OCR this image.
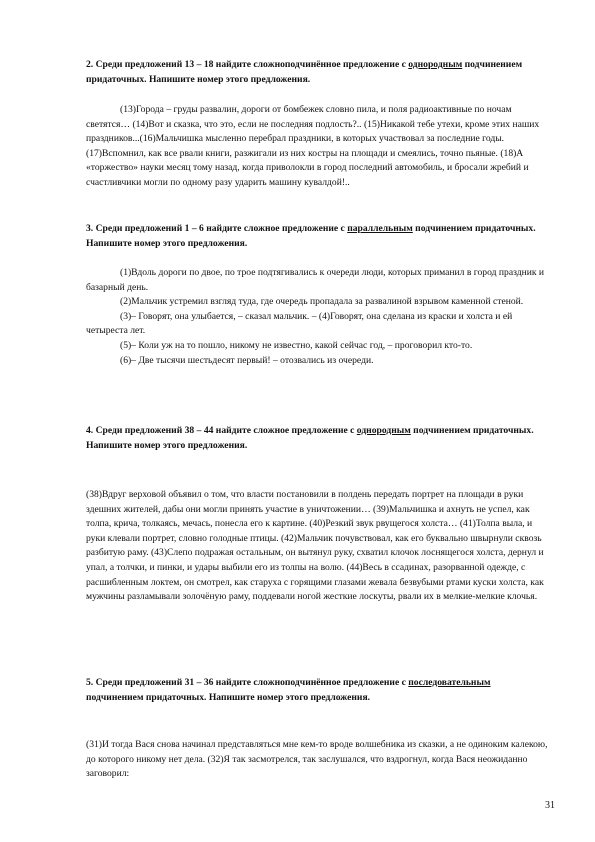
2. Среди предложений 13 – 18 найдите сложноподчинённое предложение с однородным подчинением придаточных. Напишите номер этого предложения.

(13)Города – груды развалин, дороги от бомбежек словно пила, и поля радиоактивные по ночам светятся… (14)Вот и сказка, что это, если не последняя подлость?.. (15)Никакой тебе утехи, кроме этих наших праздников...(16)Мальчишка мысленно перебрал праздники, в которых участвовал за последние годы. (17)Вспомнил, как все рвали книги, разжигали из них костры на площади и смеялись, точно пьяные. (18)А «торжество» науки месяц тому назад, когда приволокли в город последний автомобиль, и бросали жребий и счастливчики могли по одному разу ударить машину кувалдой!..

3. Среди предложений 1 – 6 найдите сложное предложение с параллельным подчинением придаточных. Напишите номер этого предложения.

(1)Вдоль дороги по двое, по трое подтягивались к очереди люди, которых приманил в город праздник и базарный день.

(2)Мальчик устремил взгляд туда, где очередь пропадала за развалиной взрывом каменной стеной.

(3)– Говорят, она улыбается, – сказал мальчик. – (4)Говорят, она сделана из краски и холста и ей четыреста лет.

(5)– Коли уж на то пошло, никому не известно, какой сейчас год, – проговорил кто-то.

(6)– Две тысячи шестьдесят первый! – отозвались из очереди.

4. Среди предложений 38 – 44 найдите сложное предложение с однородным подчинением придаточных. Напишите номер этого предложения.

(38)Вдруг верховой объявил о том, что власти постановили в полдень передать портрет на площади в руки здешних жителей, дабы они могли принять участие в уничтожении… (39)Мальчишка и ахнуть не успел, как толпа, крича, толкаясь, мечась, понесла его к картине. (40)Резкий звук рвущегося холста… (41)Толпа выла, и руки клевали портрет, словно голодные птицы. (42)Мальчик почувствовал, как его буквально швырнули сквозь разбитую раму. (43)Слепо подражая остальным, он вытянул руку, схватил клочок лоснящегося холста, дернул и упал, а толчки, и пинки, и удары выбили его из толпы на волю. (44)Весь в ссадинах, разорванной одежде, с расшибленным локтем, он смотрел, как старуха с горящими глазами жевала безвубыми ртами куски холста, как мужчины разламывали золочёную раму, поддевали ногой жесткие лоскуты, рвали их в мелкие-мелкие клочья.

5. Среди предложений 31 – 36 найдите сложноподчинённое предложение с последовательным подчинением придаточных. Напишите номер этого предложения.

(31)И тогда Вася снова начинал представляться мне кем-то вроде волшебника из сказки, а не одиноким калекою, до которого никому нет дела. (32)Я так засмотрелся, так заслушался, что вздрогнул, когда Вася неожиданно заговорил:

31
